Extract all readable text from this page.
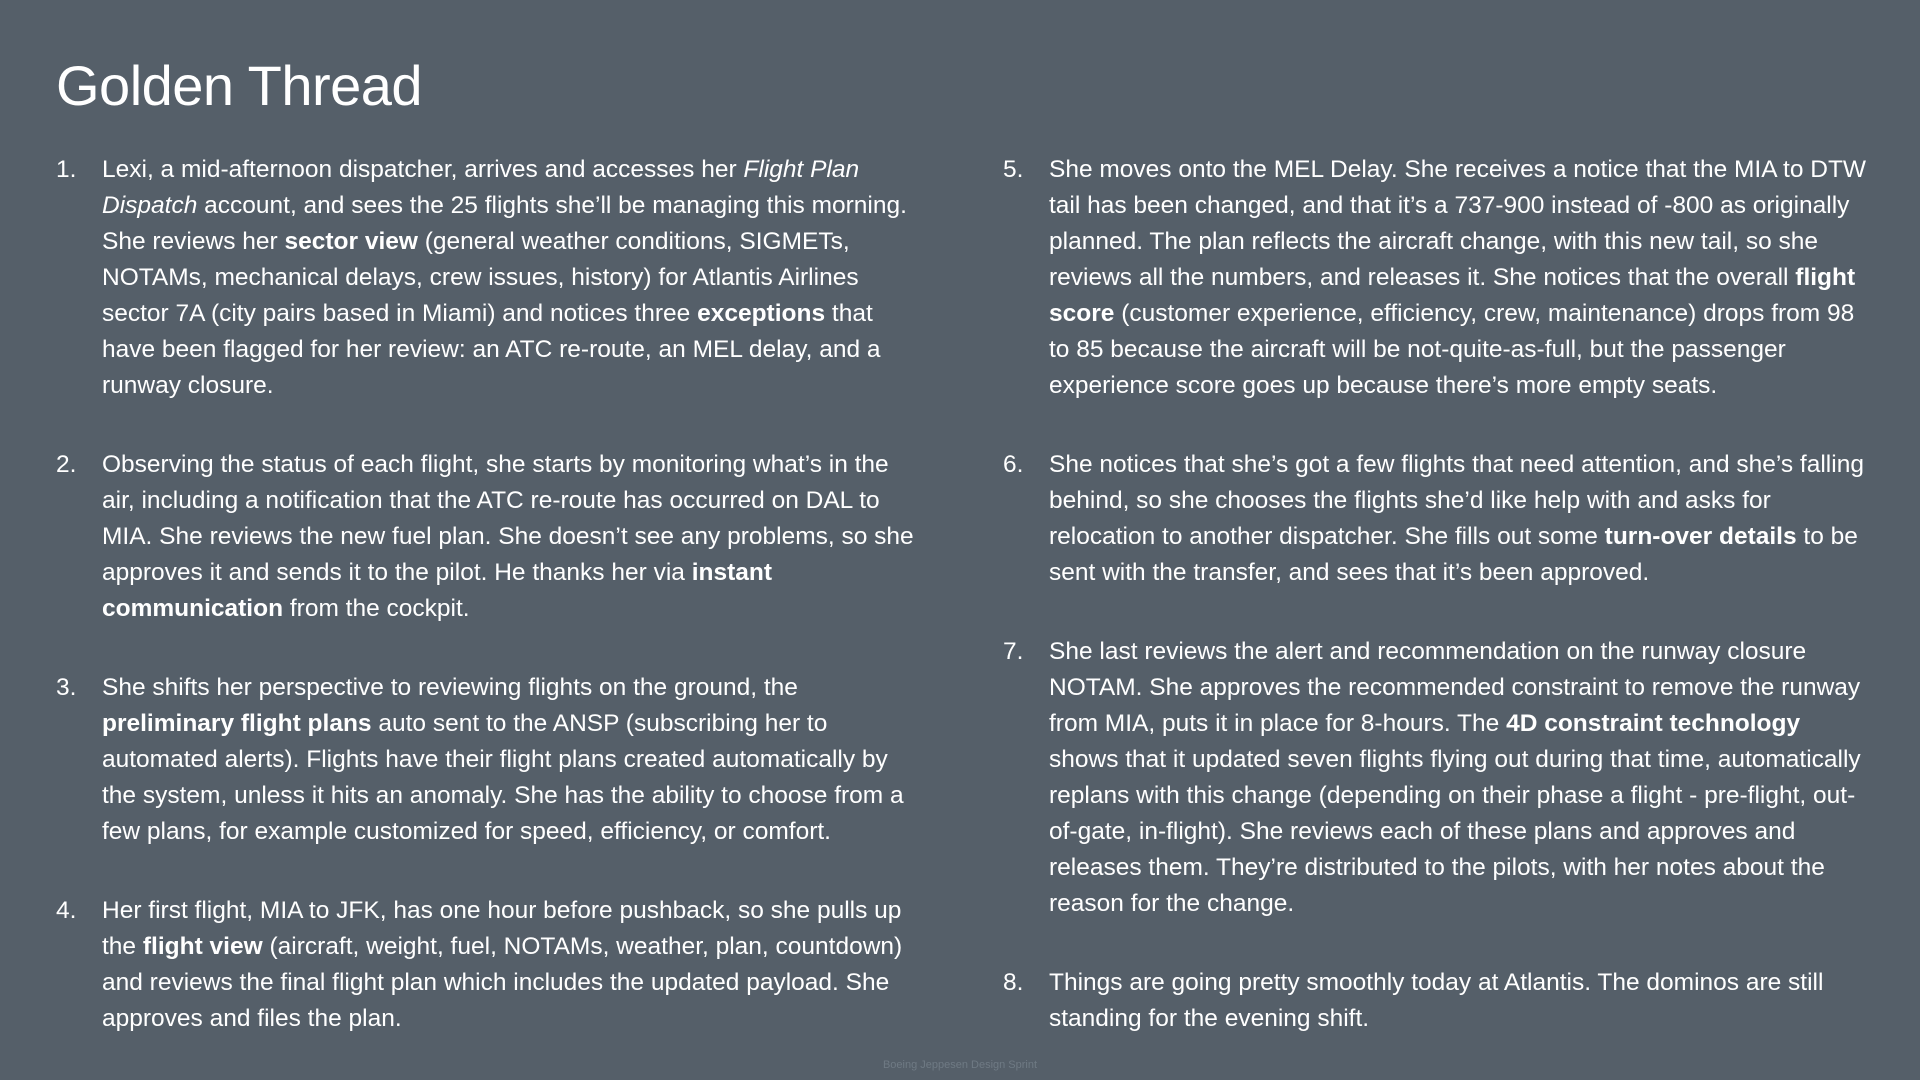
Golden Thread
1. Lexi, a mid-afternoon dispatcher, arrives and accesses her Flight Plan Dispatch account, and sees the 25 flights she’ll be managing this morning. She reviews her sector view (general weather conditions, SIGMETs, NOTAMs, mechanical delays, crew issues, history) for Atlantis Airlines sector 7A (city pairs based in Miami) and notices three exceptions that have been flagged for her review: an ATC re-route, an MEL delay, and a runway closure.
2. Observing the status of each flight, she starts by monitoring what’s in the air, including a notification that the ATC re-route has occurred on DAL to MIA. She reviews the new fuel plan. She doesn’t see any problems, so she approves it and sends it to the pilot. He thanks her via instant communication from the cockpit.
3. She shifts her perspective to reviewing flights on the ground, the preliminary flight plans auto sent to the ANSP (subscribing her to automated alerts). Flights have their flight plans created automatically by the system, unless it hits an anomaly. She has the ability to choose from a few plans, for example customized for speed, efficiency, or comfort.
4. Her first flight, MIA to JFK, has one hour before pushback, so she pulls up the flight view (aircraft, weight, fuel, NOTAMs, weather, plan, countdown) and reviews the final flight plan which includes the updated payload. She approves and files the plan.
5. She moves onto the MEL Delay. She receives a notice that the MIA to DTW tail has been changed, and that it’s a 737-900 instead of -800 as originally planned. The plan reflects the aircraft change, with this new tail, so she reviews all the numbers, and releases it. She notices that the overall flight score (customer experience, efficiency, crew, maintenance) drops from 98 to 85 because the aircraft will be not-quite-as-full, but the passenger experience score goes up because there’s more empty seats.
6. She notices that she’s got a few flights that need attention, and she’s falling behind, so she chooses the flights she’d like help with and asks for relocation to another dispatcher. She fills out some turn-over details to be sent with the transfer, and sees that it’s been approved.
7. She last reviews the alert and recommendation on the runway closure NOTAM. She approves the recommended constraint to remove the runway from MIA, puts it in place for 8-hours. The 4D constraint technology shows that it updated seven flights flying out during that time, automatically replans with this change (depending on their phase a flight - pre-flight, out-of-gate, in-flight). She reviews each of these plans and approves and releases them. They’re distributed to the pilots, with her notes about the reason for the change.
8. Things are going pretty smoothly today at Atlantis. The dominos are still standing for the evening shift.
Boeing Jeppesen Design Sprint
